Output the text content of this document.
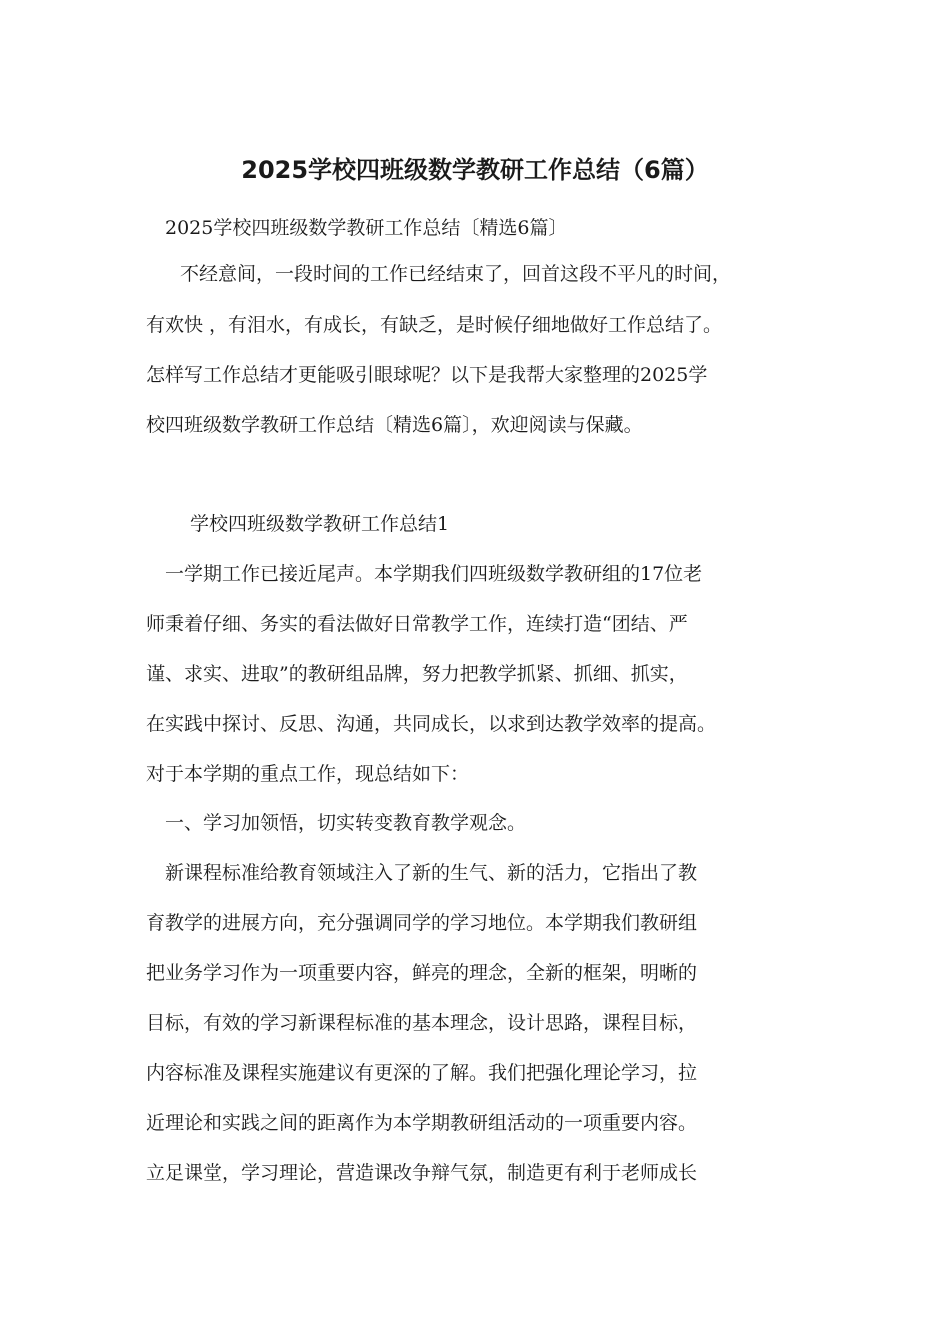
2025学校四班级数学教研工作总结（6篇）

2025学校四班级数学教研工作总结〔精选6篇〕

不经意间，一段时间的工作已经结束了，回首这段不平凡的时间，

有欢快 ，有泪水，有成长，有缺乏，是时候仔细地做好工作总结了。

怎样写工作总结才更能吸引眼球呢？以下是我帮大家整理的2025学

校四班级数学教研工作总结〔精选6篇〕，欢迎阅读与保藏。

学校四班级数学教研工作总结1

一学期工作已接近尾声。本学期我们四班级数学教研组的17位老

师秉着仔细、务实的看法做好日常教学工作，连续打造“团结、严

谨、求实、进取”的教研组品牌，努力把教学抓紧、抓细、抓实，

在实践中探讨、反思、沟通，共同成长，以求到达教学效率的提高。

对于本学期的重点工作，现总结如下：

一、学习加领悟，切实转变教育教学观念。

新课程标准给教育领域注入了新的生气、新的活力，它指出了教

育教学的进展方向，充分强调同学的学习地位。本学期我们教研组

把业务学习作为一项重要内容，鲜亮的理念，全新的框架，明晰的

目标，有效的学习新课程标准的基本理念，设计思路，课程目标，

内容标准及课程实施建议有更深的了解。我们把强化理论学习，拉

近理论和实践之间的距离作为本学期教研组活动的一项重要内容。

立足课堂，学习理论，营造课改争辩气氛，制造更有利于老师成长
